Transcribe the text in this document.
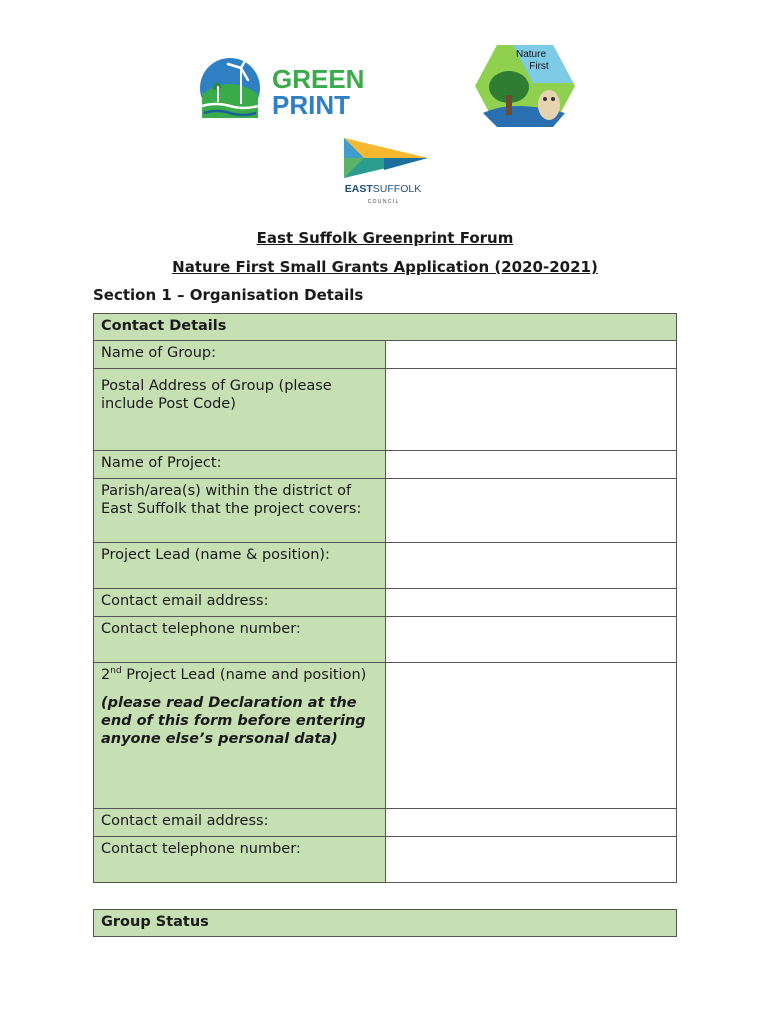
GREEN
PRINT
Nature
First
EASTSUFFOLK
C O U N C I L
East Suffolk Greenprint Forum
Nature First Small Grants Application (2020-2021)
Section 1 – Organisation Details
Contact Details	
Name of Group:	
Postal Address of Group (please include Post Code)	
Name of Project:	
Parish/area(s) within the district of East Suffolk that the project covers:	
Project Lead (name & position):	
Contact email address:	
Contact telephone number:	
2nd Project Lead (name and position)
(please read Declaration at the end of this form before entering anyone else’s personal data)	

Contact email address:	
Contact telephone number:	
Group Status
